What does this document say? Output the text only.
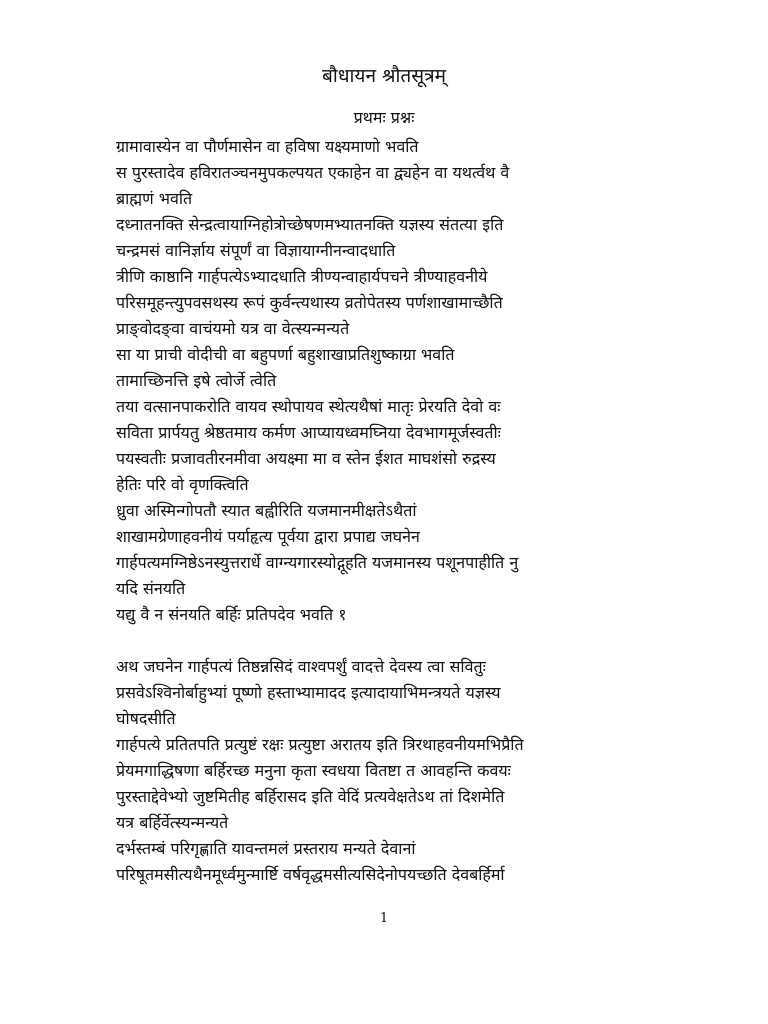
बौधायन श्रौतसूत्रम्
प्रथमः प्रश्नः
ग्रामावास्येन वा पौर्णमासेन वा हविषा यक्ष्यमाणो भवति
स पुरस्तादेव हविरातञ्चनमुपकल्पयत एकाहेन वा द्व्यहेन वा यथर्त्वथ वै
ब्राह्मणं भवति
दध्नातनक्ति सेन्द्रत्वायाग्निहोत्रोच्छेषणमभ्यातनक्ति यज्ञस्य संतत्या इति
चन्द्रमसं वानिर्ज्ञाय संपूर्णं वा विज्ञायाग्नीनन्वादधाति
त्रीणि काष्ठानि गार्हपत्येऽभ्यादधाति त्रीण्यन्वाहार्यपचने त्रीण्याहवनीये
परिसमूहन्त्युपवसथस्य रूपं कुर्वन्त्यथास्य व्रतोपेतस्य पर्णशाखामाच्छैति
प्राङ्वोदङ्वा वाचंयमो यत्र वा वेत्स्यन्मन्यते
सा या प्राची वोदीची वा बहुपर्णा बहुशाखाप्रतिशुष्काग्रा भवति
तामाच्छिनत्ति इषे त्वोर्जे त्वेति
तया वत्सानपाकरोति वायव स्थोपायव स्थेत्यथैषां मातृः प्रेरयति देवो वः
सविता प्रार्पयतु श्रेष्ठतमाय कर्मण आप्यायध्वमघ्निया देवभागमूर्जस्वतीः
पयस्वतीः प्रजावतीरनमीवा अयक्ष्मा मा व स्तेन ईशत माघशंसो रुद्रस्य
हेतिः परि वो वृणक्त्विति
ध्रुवा अस्मिन्गोपतौ स्यात बह्वीरिति यजमानमीक्षतेऽथैतां
शाखामग्रेणाहवनीयं पर्याहृत्य पूर्वया द्वारा प्रपाद्य जघनेन
गार्हपत्यमग्निष्ठेऽनस्युत्तरार्धे वाग्न्यगारस्योद्गूहति यजमानस्य पशूनपाहीति नु
यदि संनयति
यद्यु वै न संनयति बर्हिः प्रतिपदेव भवति १
अथ जघनेन गार्हपत्यं तिष्ठन्नसिदं वाश्वपर्शुं वादत्ते देवस्य त्वा सवितुः
प्रसवेऽश्विनोर्बाहुभ्यां पूष्णो हस्ताभ्यामादद इत्यादायाभिमन्त्रयते यज्ञस्य
घोषदसीति
गार्हपत्ये प्रतितपति प्रत्युष्टं रक्षः प्रत्युष्टा अरातय इति त्रिरथाहवनीयमभिप्रैति
प्रेयमगाद्धिषणा बर्हिरच्छ मनुना कृता स्वधया वितष्टा त आवहन्ति कवयः
पुरस्ताद्देवेभ्यो जुष्टमितीह बर्हिरासद इति वेदिं प्रत्यवेक्षतेऽथ तां दिशमेति
यत्र बर्हिर्वेत्स्यन्मन्यते
दर्भस्तम्बं परिगृह्णाति यावन्तमलं प्रस्तराय मन्यते देवानां
परिषूतमसीत्यथैनमूर्ध्वमुन्मार्ष्टि वर्षवृद्धमसीत्यसिदेनोपयच्छति देवबर्हिर्मा
1
